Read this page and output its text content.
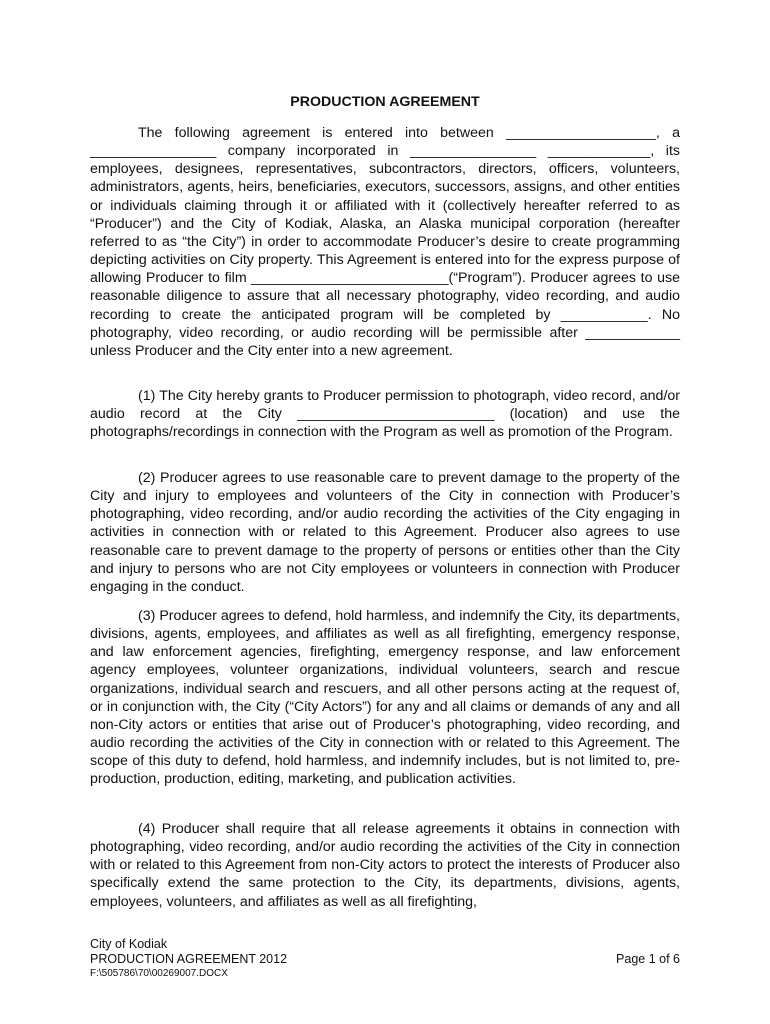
PRODUCTION AGREEMENT

The following agreement is entered into between ___________________, a ________________ company incorporated in ________________ _____________, its employees, designees, representatives, subcontractors, directors, officers, volunteers, administrators, agents, heirs, beneficiaries, executors, successors, assigns, and other entities or individuals claiming through it or affiliated with it (collectively hereafter referred to as “Producer”) and the City of Kodiak, Alaska, an Alaska municipal corporation (hereafter referred to as “the City”) in order to accommodate Producer’s desire to create programming depicting activities on City property. This Agreement is entered into for the express purpose of allowing Producer to film _________________________(“Program”). Producer agrees to use reasonable diligence to assure that all necessary photography, video recording, and audio recording to create the anticipated program will be completed by ___________. No photography, video recording, or audio recording will be permissible after ____________ unless Producer and the City enter into a new agreement.

(1) The City hereby grants to Producer permission to photograph, video record, and/or audio record at the City _________________________ (location) and use the photographs/recordings in connection with the Program as well as promotion of the Program.

(2) Producer agrees to use reasonable care to prevent damage to the property of the City and injury to employees and volunteers of the City in connection with Producer’s photographing, video recording, and/or audio recording the activities of the City engaging in activities in connection with or related to this Agreement. Producer also agrees to use reasonable care to prevent damage to the property of persons or entities other than the City and injury to persons who are not City employees or volunteers in connection with Producer engaging in the conduct.

(3) Producer agrees to defend, hold harmless, and indemnify the City, its departments, divisions, agents, employees, and affiliates as well as all firefighting, emergency response, and law enforcement agencies, firefighting, emergency response, and law enforcement agency employees, volunteer organizations, individual volunteers, search and rescue organizations, individual search and rescuers, and all other persons acting at the request of, or in conjunction with, the City (“City Actors”) for any and all claims or demands of any and all non-City actors or entities that arise out of Producer’s photographing, video recording, and audio recording the activities of the City in connection with or related to this Agreement. The scope of this duty to defend, hold harmless, and indemnify includes, but is not limited to, pre-production, production, editing, marketing, and publication activities.

(4) Producer shall require that all release agreements it obtains in connection with photographing, video recording, and/or audio recording the activities of the City in connection with or related to this Agreement from non-City actors to protect the interests of Producer also specifically extend the same protection to the City, its departments, divisions, agents, employees, volunteers, and affiliates as well as all firefighting,

City of Kodiak
PRODUCTION AGREEMENT 2012
F:\505786\70\00269007.DOCX
Page 1 of 6
